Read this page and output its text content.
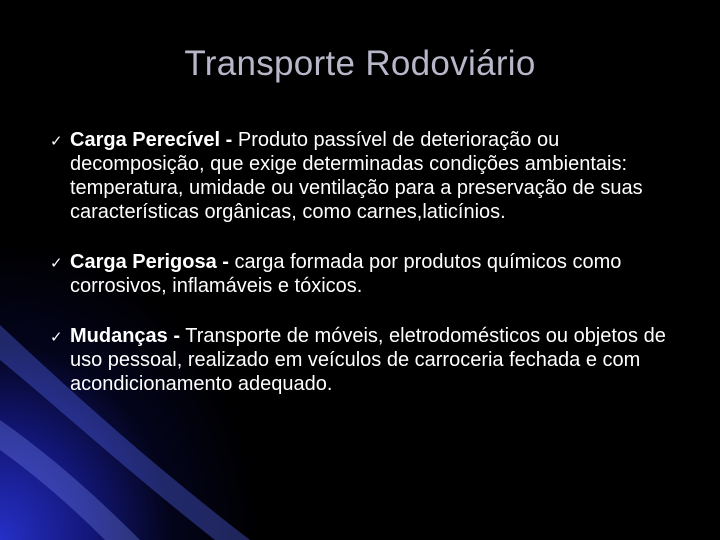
Transporte Rodoviário
✓ Carga Perecível - Produto passível de deterioração ou decomposição, que exige determinadas condições ambientais: temperatura, umidade ou ventilação para a preservação de suas características orgânicas, como carnes,laticínios.
✓ Carga Perigosa - carga formada por produtos químicos como corrosivos, inflamáveis e tóxicos.
✓ Mudanças - Transporte de móveis, eletrodomésticos ou objetos de uso pessoal, realizado em veículos de carroceria fechada e com acondicionamento adequado.
